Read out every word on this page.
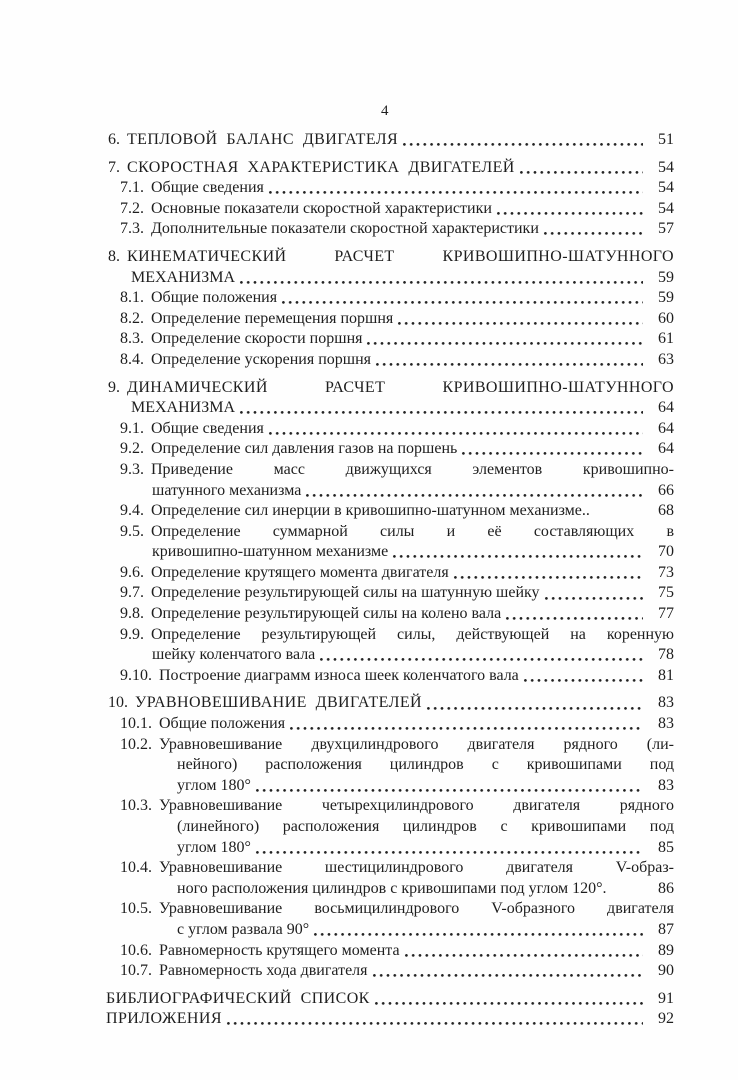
4
6. ТЕПЛОВОЙ БАЛАНС ДВИГАТЕЛЯ	51
7. СКОРОСТНАЯ ХАРАКТЕРИСТИКА ДВИГАТЕЛЕЙ	54
7.1. Общие сведения	54
7.2. Основные показатели скоростной характеристики	54
7.3. Дополнительные показатели скоростной характеристики	57
8. КИНЕМАТИЧЕСКИЙ РАСЧЕТ КРИВОШИПНО-ШАТУННОГО
МЕХАНИЗМА	59
8.1. Общие положения	59
8.2. Определение перемещения поршня	60
8.3. Определение скорости поршня	61
8.4. Определение ускорения поршня	63
9. ДИНАМИЧЕСКИЙ РАСЧЕТ КРИВОШИПНО-ШАТУННОГО
МЕХАНИЗМА	64
9.1. Общие сведения	64
9.2. Определение сил давления газов на поршень	64
9.3. Приведение масс движущихся элементов кривошипно-
шатунного механизма	66
9.4. Определение сил инерции в кривошипно-шатунном механизме..	68
9.5. Определение суммарной силы и её составляющих в
кривошипно-шатунном механизме	70
9.6. Определение крутящего момента двигателя	73
9.7. Определение результирующей силы на шатунную шейку	75
9.8. Определение результирующей силы на колено вала	77
9.9. Определение результирующей силы, действующей на коренную
шейку коленчатого вала	78
9.10. Построение диаграмм износа шеек коленчатого вала	81
10. УРАВНОВЕШИВАНИЕ ДВИГАТЕЛЕЙ	83
10.1. Общие положения	83
10.2. Уравновешивание двухцилиндрового двигателя рядного (ли-
нейного) расположения цилиндров с кривошипами под
углом 180°	83
10.3. Уравновешивание четырехцилиндрового двигателя рядного
(линейного) расположения цилиндров с кривошипами под
углом 180°	85
10.4. Уравновешивание шестицилиндрового двигателя V-образ-
ного расположения цилиндров с кривошипами под углом 120°.	86
10.5. Уравновешивание восьмицилиндрового V-образного двигателя
с углом развала 90°	87
10.6. Равномерность крутящего момента	89
10.7. Равномерность хода двигателя	90
БИБЛИОГРАФИЧЕСКИЙ СПИСОК	91
ПРИЛОЖЕНИЯ	92
